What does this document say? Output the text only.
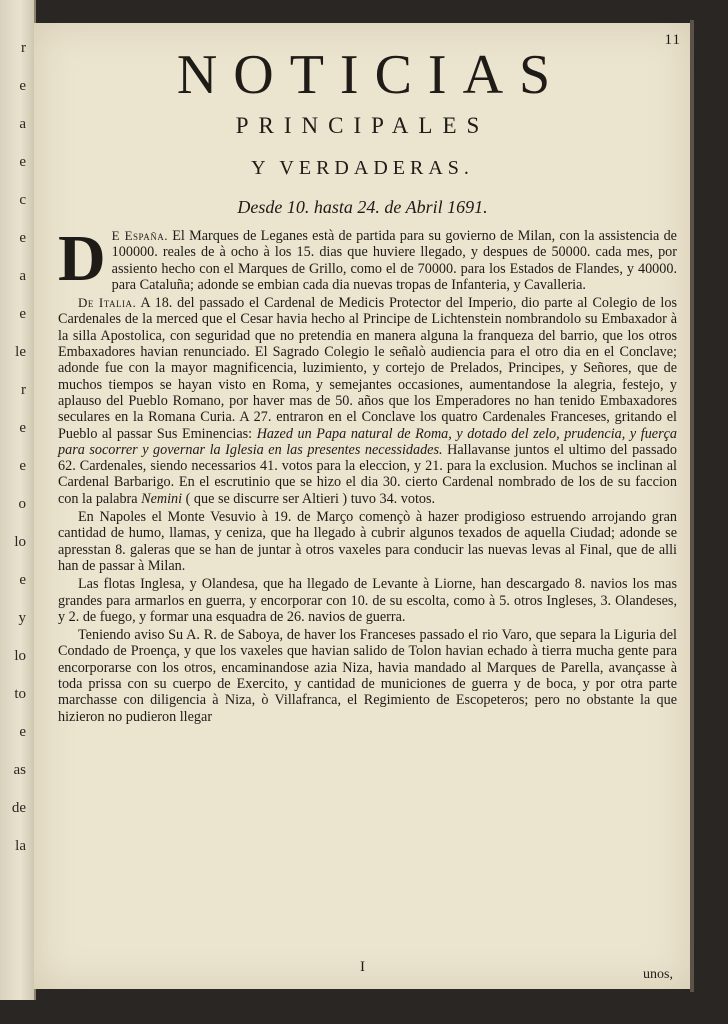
r
e
a
e
c
e
a
e
le
r
e
e
o
lo
e
y
lo
to
e
as
de
la
11
NOTICIAS
PRINCIPALES
Y VERDADERAS.
Desde 10. hasta 24. de Abril 1691.

D E España. El Marques de Leganes està de partida para su govierno de Milan, con la assistencia de 100000. reales de à ocho à los 15. dias que huviere llegado, y despues de 50000. cada mes, por assiento hecho con el Marques de Grillo, como el de 70000. para los Estados de Flandes, y 40000. para Cataluña; adonde se embian cada dia nuevas tropas de Infanteria, y Cavalleria.

De Italia. A 18. del passado el Cardenal de Medicis Protector del Imperio, dio parte al Colegio de los Cardenales de la merced que el Cesar havia hecho al Principe de Lichtenstein nombrandolo su Embaxador à la silla Apostolica, con seguridad que no pretendia en manera alguna la franqueza del barrio, que los otros Embaxadores havian renunciado. El Sagrado Colegio le señalò audiencia para el otro dia en el Conclave; adonde fue con la mayor magnificencia, luzimiento, y cortejo de Prelados, Principes, y Señores, que de muchos tiempos se hayan visto en Roma, y semejantes occasiones, aumentandose la alegria, festejo, y aplauso del Pueblo Romano, por haver mas de 50. años que los Emperadores no han tenido Embaxadores seculares en la Romana Curia. A 27. entraron en el Conclave los quatro Cardenales Franceses, gritando el Pueblo al passar Sus Eminencias: Hazed un Papa natural de Roma, y dotado del zelo, prudencia, y fuerça para socorrer y governar la Iglesia en las presentes necessidades. Hallavanse juntos el ultimo del passado 62. Cardenales, siendo necessarios 41. votos para la eleccion, y 21. para la exclusion. Muchos se inclinan al Cardenal Barbarigo. En el escrutinio que se hizo el dia 30. cierto Cardenal nombrado de los de su faccion con la palabra Nemini ( que se discurre ser Altieri ) tuvo 34. votos.

En Napoles el Monte Vesuvio à 19. de Março començò à hazer prodigioso estruendo arrojando gran cantidad de humo, llamas, y ceniza, que ha llegado à cubrir algunos texados de aquella Ciudad; adonde se apresstan 8. galeras que se han de juntar à otros vaxeles para conducir las nuevas levas al Final, que de alli han de passar à Milan.

Las flotas Inglesa, y Olandesa, que ha llegado de Levante à Liorne, han descargado 8. navios los mas grandes para armarlos en guerra, y encorporar con 10. de su escolta, como à 5. otros Ingleses, 3. Olandeses, y 2. de fuego, y formar una esquadra de 26. navios de guerra.

Teniendo aviso Su A. R. de Saboya, de haver los Franceses passado el rio Varo, que separa la Liguria del Condado de Proença, y que los vaxeles que havian salido de Tolon havian echado à tierra mucha gente para encorporarse con los otros, encaminandose azia Niza, havia mandado al Marques de Parella, avançasse à toda prissa con su cuerpo de Exercito, y cantidad de municiones de guerra y de boca, y por otra parte marchasse con diligencia à Niza, ò Villafranca, el Regimiento de Escopeteros; pero no obstante la que hizieron no pudieron llegar

I	unos,
